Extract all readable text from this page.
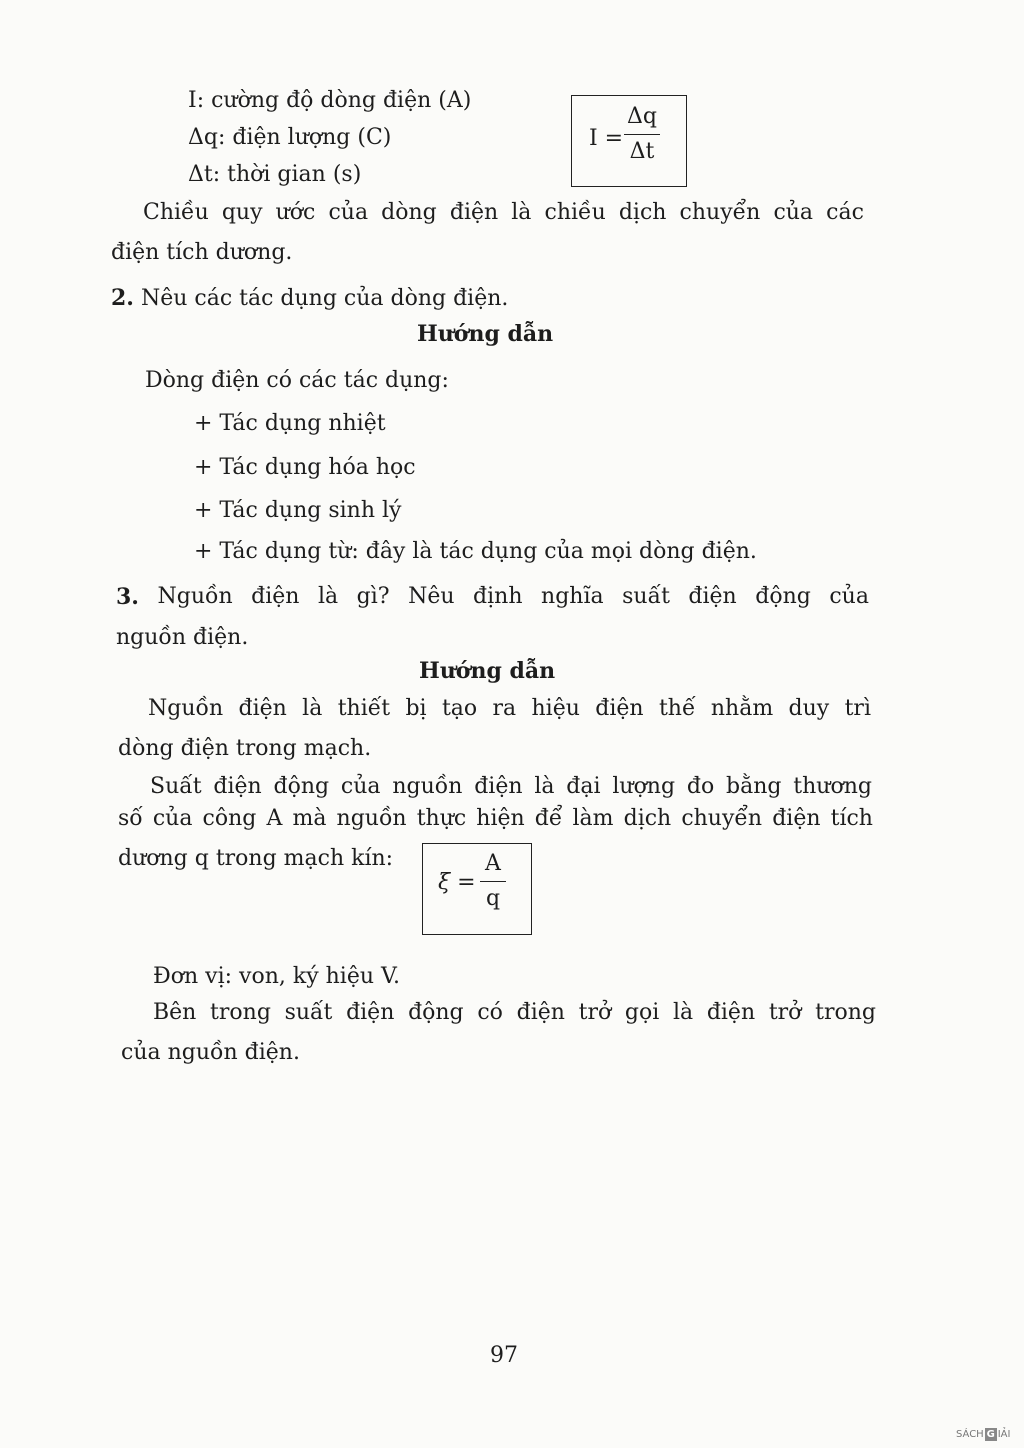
I: cường độ dòng điện (A)
Δq: điện lượng (C)
Δt: thời gian (s)
I =
Δq
Δt
Chiều quy ước của dòng điện là chiều dịch chuyển của các
điện tích dương.
2. Nêu các tác dụng của dòng điện.
Hướng dẫn
Dòng điện có các tác dụng:
+ Tác dụng nhiệt
+ Tác dụng hóa học
+ Tác dụng sinh lý
+ Tác dụng từ: đây là tác dụng của mọi dòng điện.
3. Nguồn điện là gì? Nêu định nghĩa suất điện động của
nguồn điện.
Hướng dẫn
Nguồn điện là thiết bị tạo ra hiệu điện thế nhằm duy trì
dòng điện trong mạch.
Suất điện động của nguồn điện là đại lượng đo bằng thương
số của công A mà nguồn thực hiện để làm dịch chuyển điện tích
dương q trong mạch kín:
ξ =
A
q
Đơn vị: von, ký hiệu V.
Bên trong suất điện động có điện trở gọi là điện trở trong
của nguồn điện.
97
SÁCH G IẢI
